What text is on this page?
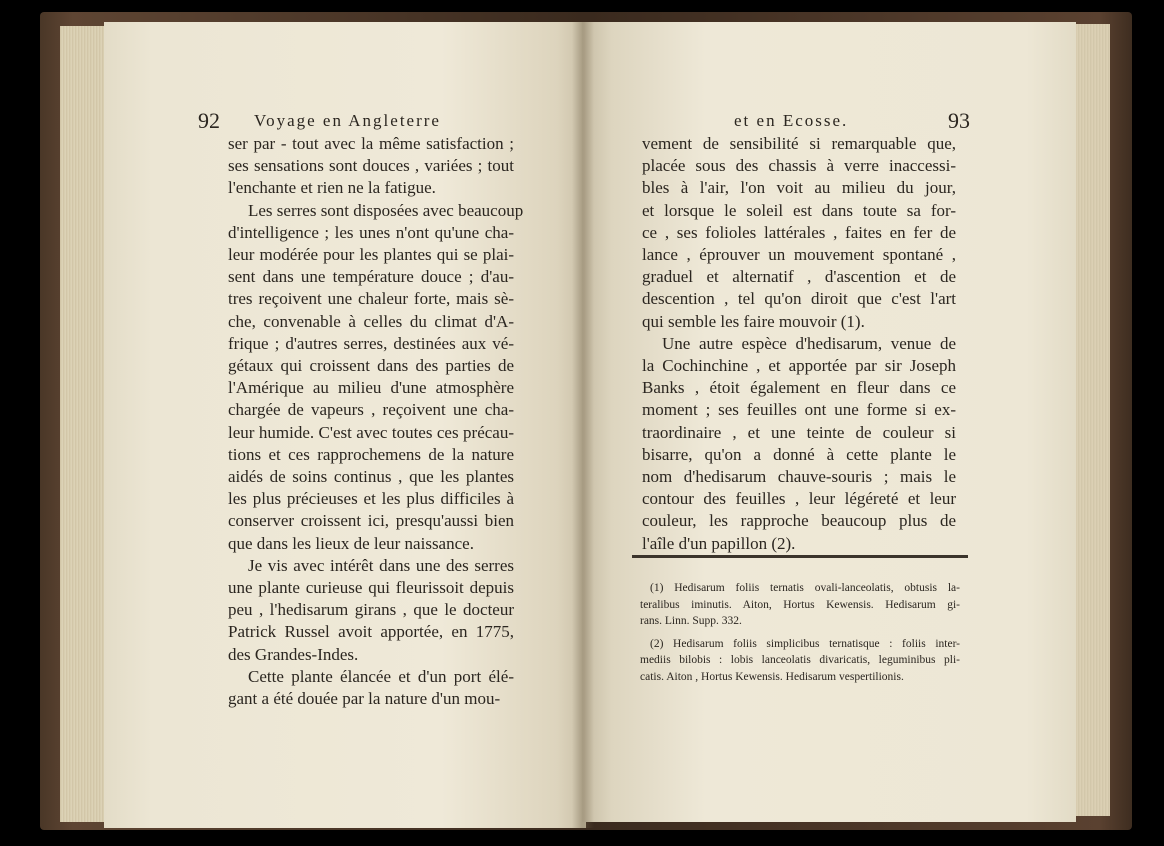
92 Voyage en Angleterre
ser par - tout avec la même satisfaction ;
ses sensations sont douces , variées ; tout
l'enchante et rien ne la fatigue.
Les serres sont disposées avec beaucoup
d'intelligence ; les unes n'ont qu'une cha-
leur modérée pour les plantes qui se plai-
sent dans une température douce ; d'au-
tres reçoivent une chaleur forte, mais sè-
che, convenable à celles du climat d'A-
frique ; d'autres serres, destinées aux vé-
gétaux qui croissent dans des parties de
l'Amérique au milieu d'une atmosphère
chargée de vapeurs , reçoivent une cha-
leur humide. C'est avec toutes ces précau-
tions et ces rapprochemens de la nature
aidés de soins continus , que les plantes
les plus précieuses et les plus difficiles à
conserver croissent ici, presqu'aussi bien
que dans les lieux de leur naissance.
Je vis avec intérêt dans une des serres
une plante curieuse qui fleurissoit depuis
peu , l'hedisarum girans , que le docteur
Patrick Russel avoit apportée, en 1775,
des Grandes-Indes.
Cette plante élancée et d'un port élé-
gant a été douée par la nature d'un mou-
et en Ecosse.	93
vement de sensibilité si remarquable que,
placée sous des chassis à verre inaccessi-
bles à l'air, l'on voit au milieu du jour,
et lorsque le soleil est dans toute sa for-
ce , ses folioles lattérales , faites en fer de
lance , éprouver un mouvement spontané ,
graduel et alternatif , d'ascention et de
descention , tel qu'on diroit que c'est l'art
qui semble les faire mouvoir (1).
Une autre espèce d'hedisarum, venue de
la Cochinchine , et apportée par sir Joseph
Banks , étoit également en fleur dans ce
moment ; ses feuilles ont une forme si ex-
traordinaire , et une teinte de couleur si
bisarre, qu'on a donné à cette plante le
nom d'hedisarum chauve-souris ; mais le
contour des feuilles , leur légéreté et leur
couleur, les rapproche beaucoup plus de
l'aîle d'un papillon (2).
(1) Hedisarum foliis ternatis ovali-lanceolatis, obtusis la-
teralibus iminutis. Aiton, Hortus Kewensis. Hedisarum gi-
rans. Linn. Supp. 332.
(2) Hedisarum foliis simplicibus ternatisque : foliis inter-
mediis bilobis : lobis lanceolatis divaricatis, leguminibus pli-
catis. Aiton , Hortus Kewensis. Hedisarum vespertilionis.
